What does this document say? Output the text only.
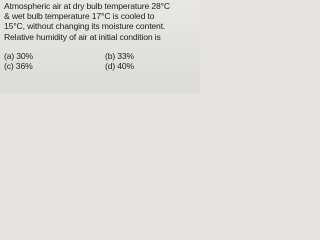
Atmospheric air at dry bulb temperature 28°C
& wet bulb temperature 17°C is cooled to
15°C, without changing its moisture content.
Relative humidity of air at initial condition is
(a) 30%	(b) 33%
(c) 36%	(d) 40%
